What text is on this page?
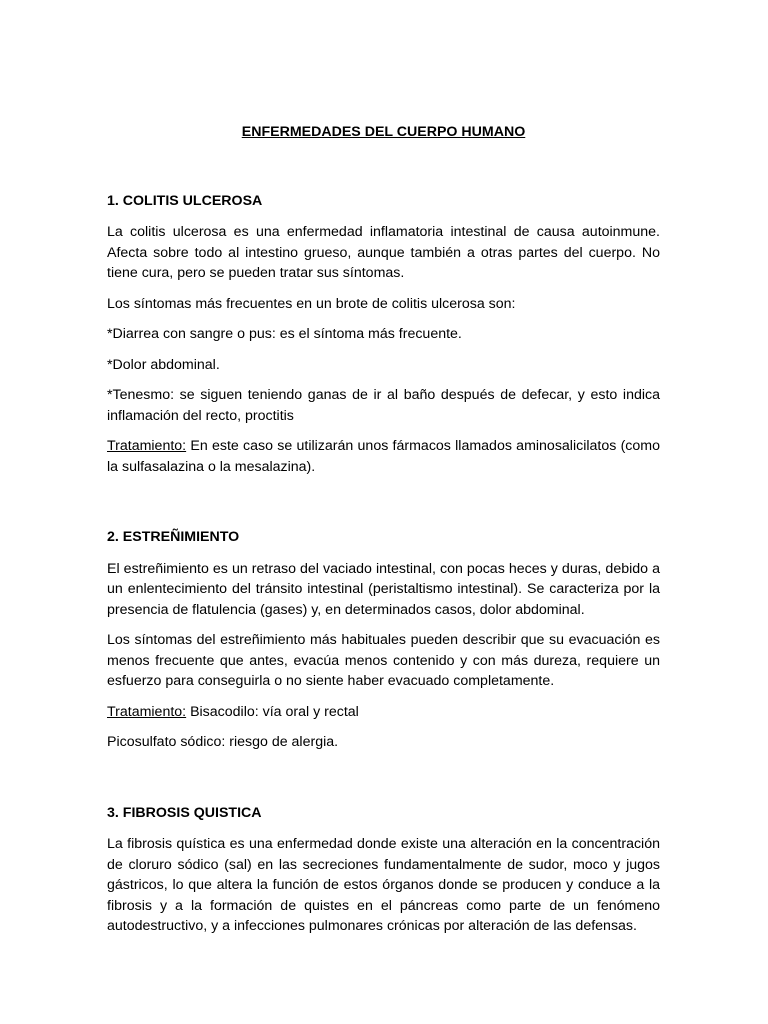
ENFERMEDADES DEL CUERPO HUMANO

1. COLITIS ULCEROSA

La colitis ulcerosa es una enfermedad inflamatoria intestinal de causa autoinmune. Afecta sobre todo al intestino grueso, aunque también a otras partes del cuerpo. No tiene cura, pero se pueden tratar sus síntomas.

Los síntomas más frecuentes en un brote de colitis ulcerosa son:

*Diarrea con sangre o pus: es el síntoma más frecuente.

*Dolor abdominal.

*Tenesmo: se siguen teniendo ganas de ir al baño después de defecar, y esto indica inflamación del recto, proctitis

Tratamiento: En este caso se utilizarán unos fármacos llamados aminosalicilatos (como la sulfasalazina o la mesalazina).

2. ESTREÑIMIENTO

El estreñimiento es un retraso del vaciado intestinal, con pocas heces y duras, debido a un enlentecimiento del tránsito intestinal (peristaltismo intestinal). Se caracteriza por la presencia de flatulencia (gases) y, en determinados casos, dolor abdominal.

Los síntomas del estreñimiento más habituales pueden describir que su evacuación es menos frecuente que antes, evacúa menos contenido y con más dureza, requiere un esfuerzo para conseguirla o no siente haber evacuado completamente.

Tratamiento: Bisacodilo: vía oral y rectal

Picosulfato sódico: riesgo de alergia.

3. FIBROSIS QUISTICA

La fibrosis quística es una enfermedad donde existe una alteración en la concentración de cloruro sódico (sal) en las secreciones fundamentalmente de sudor, moco y jugos gástricos, lo que altera la función de estos órganos donde se producen y conduce a la fibrosis y a la formación de quistes en el páncreas como parte de un fenómeno autodestructivo, y a infecciones pulmonares crónicas por alteración de las defensas.
